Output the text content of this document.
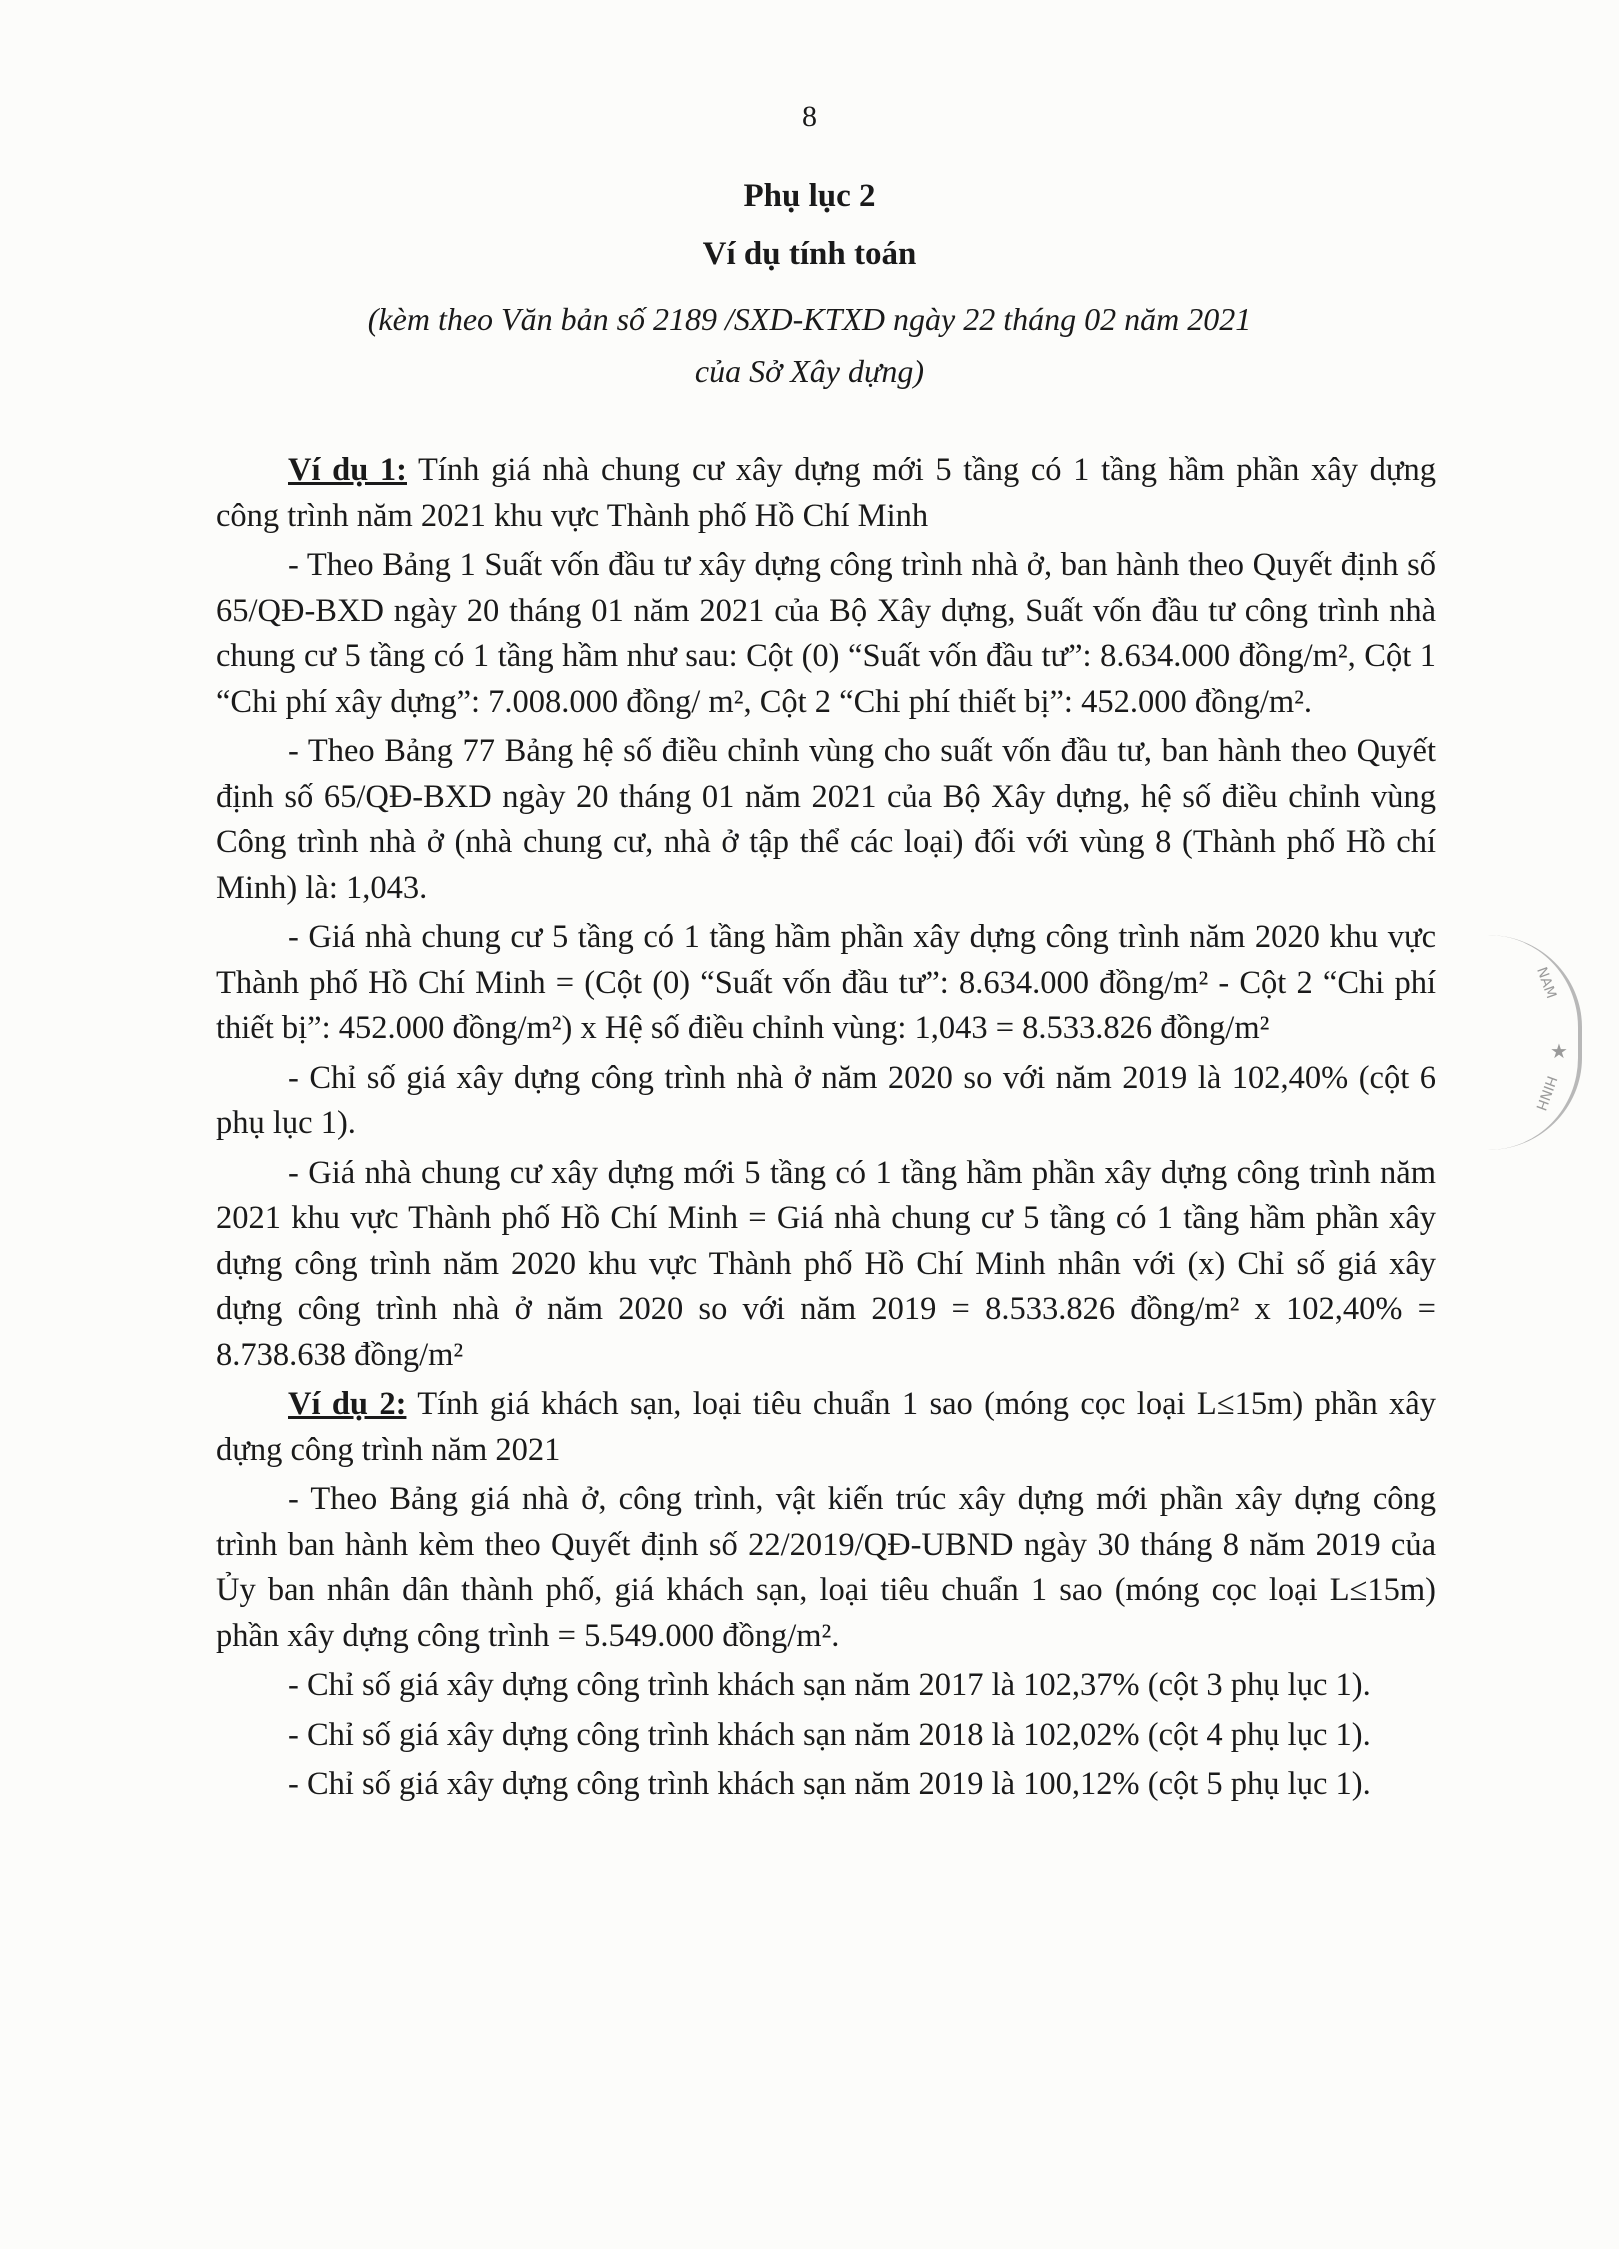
8
Phụ lục 2
Ví dụ tính toán
(kèm theo Văn bản số 2189 /SXD-KTXD ngày 22 tháng 02 năm 2021
của Sở Xây dựng)

Ví dụ 1: Tính giá nhà chung cư xây dựng mới 5 tầng có 1 tầng hầm phần xây dựng công trình năm 2021 khu vực Thành phố Hồ Chí Minh

- Theo Bảng 1 Suất vốn đầu tư xây dựng công trình nhà ở, ban hành theo Quyết định số 65/QĐ-BXD ngày 20 tháng 01 năm 2021 của Bộ Xây dựng, Suất vốn đầu tư công trình nhà chung cư 5 tầng có 1 tầng hầm như sau: Cột (0) “Suất vốn đầu tư”: 8.634.000 đồng/m², Cột 1 “Chi phí xây dựng”: 7.008.000 đồng/ m², Cột 2 “Chi phí thiết bị”: 452.000 đồng/m².

- Theo Bảng 77 Bảng hệ số điều chỉnh vùng cho suất vốn đầu tư, ban hành theo Quyết định số 65/QĐ-BXD ngày 20 tháng 01 năm 2021 của Bộ Xây dựng, hệ số điều chỉnh vùng Công trình nhà ở (nhà chung cư, nhà ở tập thể các loại) đối với vùng 8 (Thành phố Hồ chí Minh) là: 1,043.

- Giá nhà chung cư 5 tầng có 1 tầng hầm phần xây dựng công trình năm 2020 khu vực Thành phố Hồ Chí Minh = (Cột (0) “Suất vốn đầu tư”: 8.634.000 đồng/m² - Cột 2 “Chi phí thiết bị”: 452.000 đồng/m²) x Hệ số điều chỉnh vùng: 1,043 = 8.533.826 đồng/m²

- Chỉ số giá xây dựng công trình nhà ở năm 2020 so với năm 2019 là 102,40% (cột 6 phụ lục 1).

- Giá nhà chung cư xây dựng mới 5 tầng có 1 tầng hầm phần xây dựng công trình năm 2021 khu vực Thành phố Hồ Chí Minh = Giá nhà chung cư 5 tầng có 1 tầng hầm phần xây dựng công trình năm 2020 khu vực Thành phố Hồ Chí Minh nhân với (x) Chỉ số giá xây dựng công trình nhà ở năm 2020 so với năm 2019 = 8.533.826 đồng/m² x 102,40% = 8.738.638 đồng/m²

Ví dụ 2: Tính giá khách sạn, loại tiêu chuẩn 1 sao (móng cọc loại L≤15m) phần xây dựng công trình năm 2021

- Theo Bảng giá nhà ở, công trình, vật kiến trúc xây dựng mới phần xây dựng công trình ban hành kèm theo Quyết định số 22/2019/QĐ-UBND ngày 30 tháng 8 năm 2019 của Ủy ban nhân dân thành phố, giá khách sạn, loại tiêu chuẩn 1 sao (móng cọc loại L≤15m) phần xây dựng công trình = 5.549.000 đồng/m².

- Chỉ số giá xây dựng công trình khách sạn năm 2017 là 102,37% (cột 3 phụ lục 1).

- Chỉ số giá xây dựng công trình khách sạn năm 2018 là 102,02% (cột 4 phụ lục 1).

- Chỉ số giá xây dựng công trình khách sạn năm 2019 là 100,12% (cột 5 phụ lục 1).

NAM
★
HINH
